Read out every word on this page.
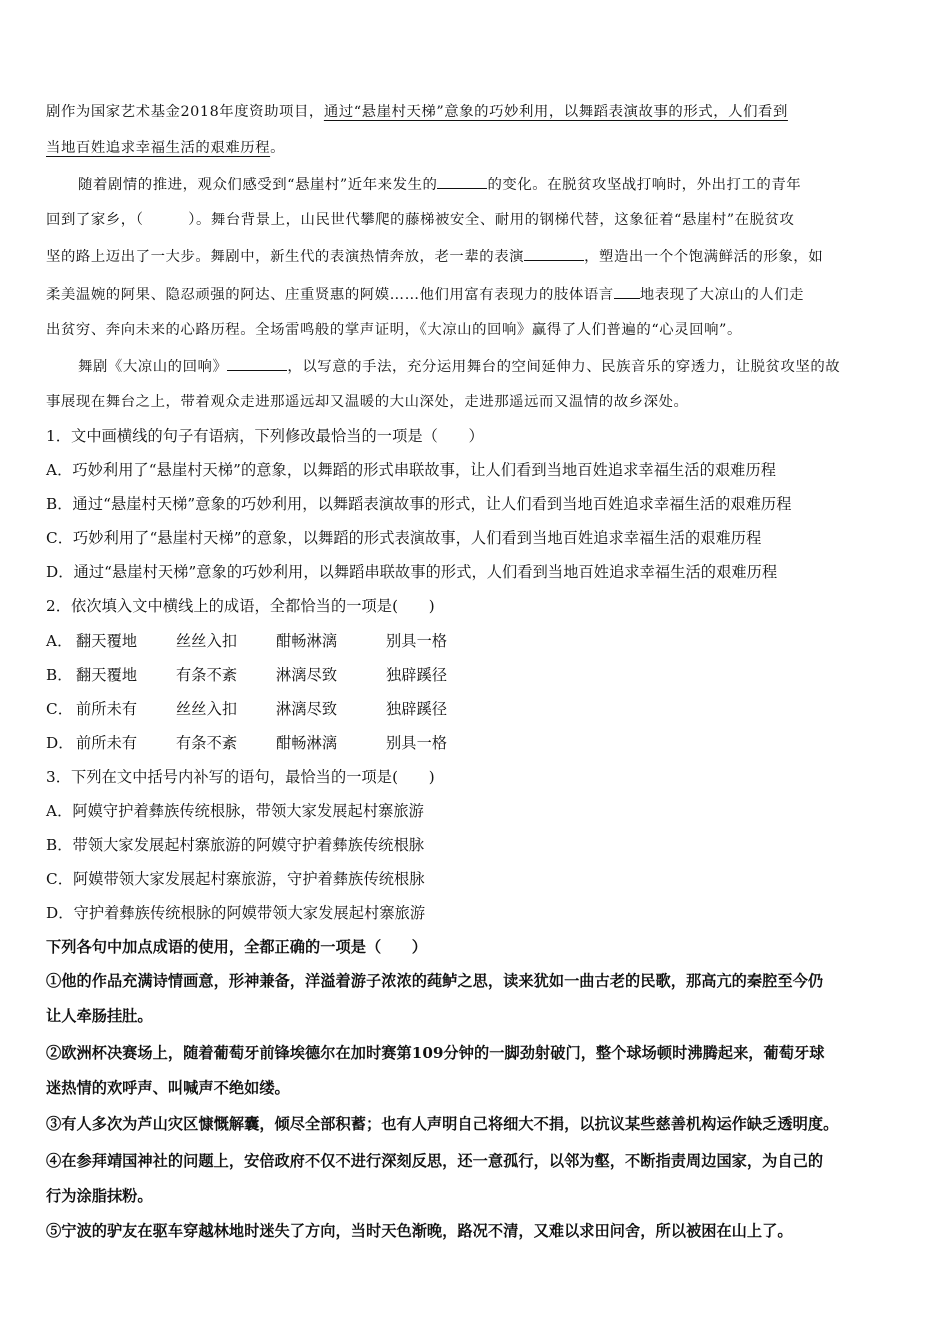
剧作为国家艺术基金2018年度资助项目，通过“悬崖村天梯”意象的巧妙利用，以舞蹈表演故事的形式，人们看到
当地百姓追求幸福生活的艰难历程。
随着剧情的推进，观众们感受到“悬崖村”近年来发生的	的变化。在脱贫攻坚战打响时，外出打工的青年
回到了家乡，（　　　）。舞台背景上，山民世代攀爬的藤梯被安全、耐用的钢梯代替，这象征着“悬崖村”在脱贫攻
坚的路上迈出了一大步。舞剧中，新生代的表演热情奔放，老一辈的表演	，塑造出一个个饱满鲜活的形象，如
柔美温婉的阿果、隐忍顽强的阿达、庄重贤惠的阿嫫……他们用富有表现力的肢体语言 地表现了大凉山的人们走
出贫穷、奔向未来的心路历程。全场雷鸣般的掌声证明，《大凉山的回响》赢得了人们普遍的“心灵回响”。
舞剧《大凉山的回响》	，以写意的手法，充分运用舞台的空间延伸力、民族音乐的穿透力，让脱贫攻坚的故
事展现在舞台之上，带着观众走进那遥远却又温暖的大山深处，走进那遥远而又温情的故乡深处。
1．文中画横线的句子有语病，下列修改最恰当的一项是（　　）
A．巧妙利用了“悬崖村天梯”的意象，以舞蹈的形式串联故事，让人们看到当地百姓追求幸福生活的艰难历程
B．通过“悬崖村天梯”意象的巧妙利用，以舞蹈表演故事的形式，让人们看到当地百姓追求幸福生活的艰难历程
C．巧妙利用了“悬崖村天梯”的意象，以舞蹈的形式表演故事，人们看到当地百姓追求幸福生活的艰难历程
D．通过“悬崖村天梯”意象的巧妙利用，以舞蹈串联故事的形式，人们看到当地百姓追求幸福生活的艰难历程
2．依次填入文中横线上的成语，全都恰当的一项是(　　)
A． 翻天覆地	丝丝入扣	酣畅淋漓	别具一格
B． 翻天覆地	有条不紊	淋漓尽致	独辟蹊径
C． 前所未有	丝丝入扣	淋漓尽致	独辟蹊径
D． 前所未有	有条不紊	酣畅淋漓	别具一格
3．下列在文中括号内补写的语句，最恰当的一项是(　　)
A．阿嫫守护着彝族传统根脉，带领大家发展起村寨旅游
B．带领大家发展起村寨旅游的阿嫫守护着彝族传统根脉
C．阿嫫带领大家发展起村寨旅游，守护着彝族传统根脉
D．守护着彝族传统根脉的阿嫫带领大家发展起村寨旅游
下列各句中加点成语的使用，全都正确的一项是（　　）
①他的作品充满诗情画意，形神兼备，洋溢着游子浓浓的莼鲈之思，读来犹如一曲古老的民歌，那高亢的秦腔至今仍
让人牵肠挂肚。
②欧洲杯决赛场上，随着葡萄牙前锋埃德尔在加时赛第109分钟的一脚劲射破门，整个球场顿时沸腾起来，葡萄牙球
迷热情的欢呼声、叫喊声不绝如缕。
③有人多次为芦山灾区慷慨解囊，倾尽全部积蓄；也有人声明自己将细大不捐，以抗议某些慈善机构运作缺乏透明度。
④在参拜靖国神社的问题上，安倍政府不仅不进行深刻反思，还一意孤行，以邻为壑，不断指责周边国家，为自己的
行为涂脂抹粉。
⑤宁波的驴友在驱车穿越林地时迷失了方向，当时天色渐晚，路况不清，又难以求田问舍，所以被困在山上了。
